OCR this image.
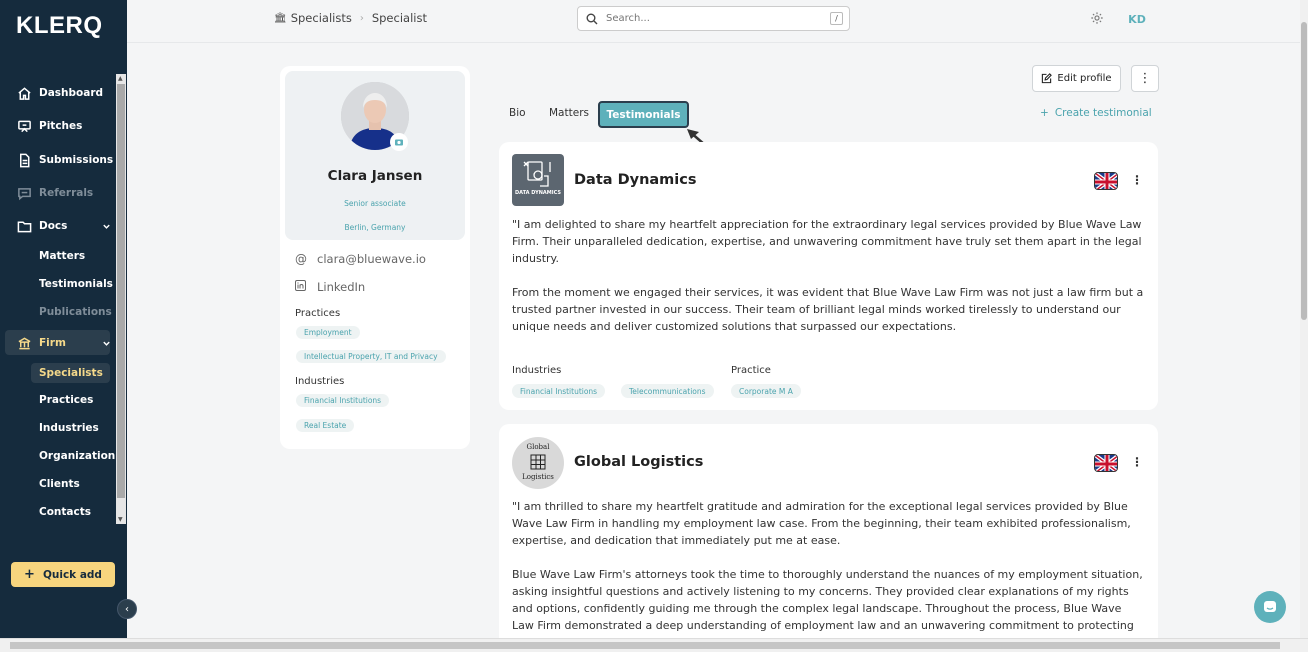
KLERQ
Dashboard
Pitches
Submissions
Referrals
Docs
Matters
Testimonials
Publications
Firm
Specialists
Practices
Industries
Organization
Clients
Contacts
▲
▼
+ Quick add
‹
🏛 Specialists › Specialist
Search...	/	KD
Clara Jansen
Senior associate
Berlin, Germany
@ clara@bluewave.io
LinkedIn
Practices
Employment
Intellectual Property, IT and Privacy
Industries
Financial Institutions
Real Estate
Edit profile ⋮
Bio Matters	Testimonials	+ Create testimonial
DATA DYNAMICS
Data Dynamics	⋮

"I am delighted to share my heartfelt appreciation for the extraordinary legal services provided by Blue Wave Law Firm. Their unparalleled dedication, expertise, and unwavering commitment have truly set them apart in the legal industry.

From the moment we engaged their services, it was evident that Blue Wave Law Firm was not just a law firm but a trusted partner invested in our success. Their team of brilliant legal minds worked tirelessly to understand our unique needs and deliver customized solutions that surpassed our expectations.

Industries
Financial Institutions	Telecommunications
Practice
Corporate M A
Global
Logistics
Global Logistics	⋮

"I am thrilled to share my heartfelt gratitude and admiration for the exceptional legal services provided by Blue Wave Law Firm in handling my employment law case. From the beginning, their team exhibited professionalism, expertise, and dedication that immediately put me at ease.

Blue Wave Law Firm's attorneys took the time to thoroughly understand the nuances of my employment situation, asking insightful questions and actively listening to my concerns. They provided clear explanations of my rights and options, confidently guiding me through the complex legal landscape. Throughout the process, Blue Wave Law Firm demonstrated a deep understanding of employment law and an unwavering commitment to protecting
